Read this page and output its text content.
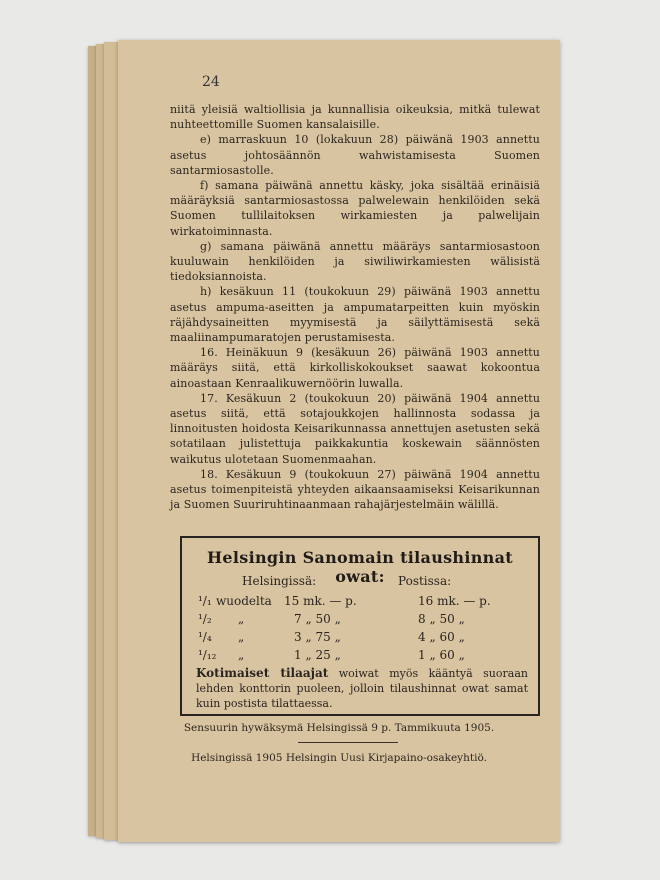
24

niitä yleisiä waltiollisia ja kunnallisia oikeuksia, mitkä tulewat nuhteettomille Suomen kansalaisille.

e) marraskuun 10 (lokakuun 28) päiwänä 1903 annettu asetus johtosäännön wahwistamisesta Suomen santarmiosastolle.

f) samana päiwänä annettu käsky, joka sisältää erinäisiä määräyksiä santarmiosastossa palwelewain henkilöiden sekä Suomen tullilaitoksen wirkamiesten ja palwelijain wirkatoiminnasta.

g) samana päiwänä annettu määräys santarmiosastoon kuuluwain henkilöiden ja siwiliwirkamiesten wälisistä tiedoksiannoista.

h) kesäkuun 11 (toukokuun 29) päiwänä 1903 annettu asetus ampuma-aseitten ja ampumatarpeitten kuin myöskin räjähdysaineitten myymisestä ja säilyttämisestä sekä maaliinampumaratojen perustamisesta.

16. Heinäkuun 9 (kesäkuun 26) päiwänä 1903 annettu määräys siitä, että kirkolliskokoukset saawat kokoontua ainoastaan Kenraalikuwernöörin luwalla.

17. Kesäkuun 2 (toukokuun 20) päiwänä 1904 annettu asetus siitä, että sotajoukkojen hallinnosta sodassa ja linnoitusten hoidosta Keisarikunnassa annettujen asetusten sekä sotatilaan julistettuja paikkakuntia koskewain säännösten waikutus ulotetaan Suomenmaahan.

18. Kesäkuun 9 (toukokuun 27) päiwänä 1904 annettu asetus toimenpiteistä yhteyden aikaansaamiseksi Keisarikunnan ja Suomen Suuriruhtinaanmaan rahajärjestelmäin wälillä.

Helsingin Sanomain tilaushinnat owat:
Helsingissä:	Postissa:
¹/₁ wuodelta 15 mk. — p.	16 mk. — p.
¹/₂ „	7 „ 50 „	8 „ 50 „
¹/₄ „	3 „ 75 „	4 „ 60 „
¹/₁₂ „	1 „ 25 „	1 „ 60 „
Kotimaiset tilaajat woiwat myös kääntyä suoraan lehden konttorin puoleen, jolloin tilaushinnat owat samat kuin postista tilattaessa.
Sensuurin hywäksymä Helsingissä 9 p. Tammikuuta 1905.
Helsingissä 1905 Helsingin Uusi Kirjapaino-osakeyhtiö.
